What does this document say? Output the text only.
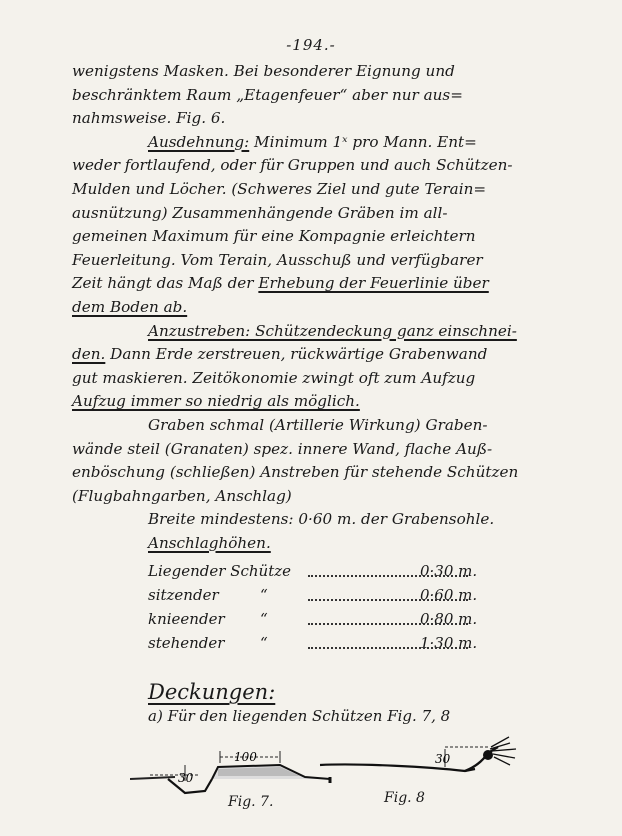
-194.-
wenigstens Masken. Bei besonderer Eignung und
beschränktem Raum „Etagenfeuer“ aber nur aus=
nahmsweise. Fig. 6.
Ausdehnung: Minimum 1ˣ pro Mann. Ent=
weder fortlaufend, oder für Gruppen und auch Schützen-
Mulden und Löcher. (Schweres Ziel und gute Terain=
ausnützung) Zusammenhängende Gräben im all-
gemeinen Maximum für eine Kompagnie erleichtern
Feuerleitung. Vom Terain, Ausschuß und verfügbarer
Zeit hängt das Maß der Erhebung der Feuerlinie über
dem Boden ab.
Anzustreben: Schützendeckung ganz einschnei-
den. Dann Erde zerstreuen, rückwärtige Grabenwand
gut maskieren. Zeitökonomie zwingt oft zum Aufzug
Aufzug immer so niedrig als möglich.
Graben schmal (Artillerie Wirkung) Graben-
wände steil (Granaten) spez. innere Wand, flache Auß-
enböschung (schließen) Anstreben für stehende Schützen
(Flugbahngarben, Anschlag)
Breite mindestens: 0·60 m. der Grabensohle.
Anschlaghöhen.
Liegender Schütze	0·30 m.
sitzender	“	0·60 m.
knieender “	0·80 m.
stehender “	1·30 m.
Deckungen:
a) Für den liegenden Schützen Fig. 7, 8
100
30
30
Fig. 7.	Fig. 8
